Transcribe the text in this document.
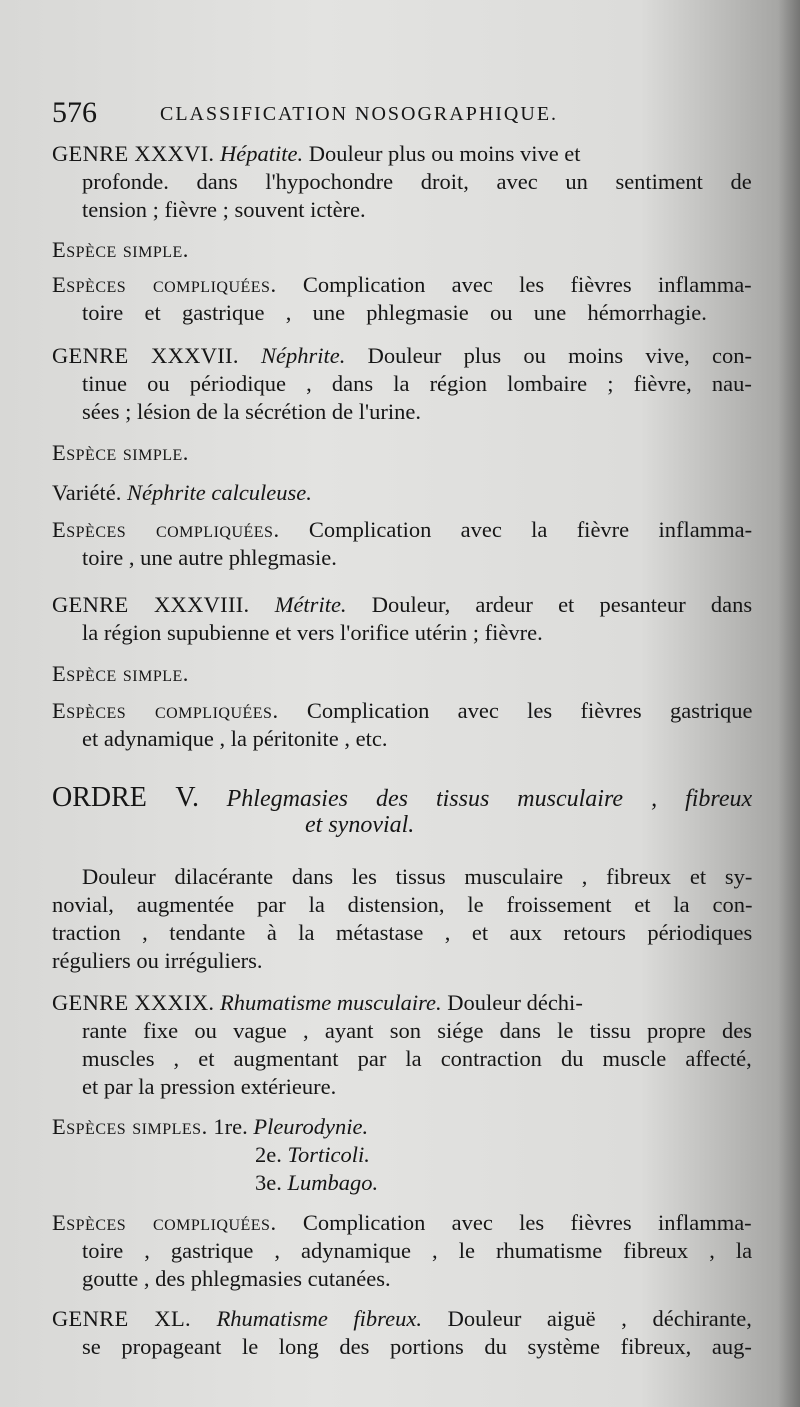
576	CLASSIFICATION NOSOGRAPHIQUE.
GENRE XXXVI. Hépatite. Douleur plus ou moins vive et
profonde. dans l'hypochondre droit, avec un sentiment de
tension ; fièvre ; souvent ictère.
Espèce simple.
Espèces compliquées. Complication avec les fièvres inflamma-
toire et gastrique , une phlegmasie ou une hémorrhagie.
GENRE XXXVII. Néphrite. Douleur plus ou moins vive, con-
tinue ou périodique , dans la région lombaire ; fièvre, nau-
sées ; lésion de la sécrétion de l'urine.
Espèce simple.
Variété. Néphrite calculeuse.
Espèces compliquées. Complication avec la fièvre inflamma-
toire , une autre phlegmasie.
GENRE XXXVIII. Métrite. Douleur, ardeur et pesanteur dans
la région supubienne et vers l'orifice utérin ; fièvre.
Espèce simple.
Espèces compliquées. Complication avec les fièvres gastrique
et adynamique , la péritonite , etc.
ORDRE V. Phlegmasies des tissus musculaire , fibreux
et synovial.
Douleur dilacérante dans les tissus musculaire , fibreux et sy-
novial, augmentée par la distension, le froissement et la con-
traction , tendante à la métastase , et aux retours périodiques
réguliers ou irréguliers.
GENRE XXXIX. Rhumatisme musculaire. Douleur déchi-
rante fixe ou vague , ayant son siége dans le tissu propre des
muscles , et augmentant par la contraction du muscle affecté,
et par la pression extérieure.
Espèces simples. 1re. Pleurodynie.
2e. Torticoli.
3e. Lumbago.
Espèces compliquées. Complication avec les fièvres inflamma-
toire , gastrique , adynamique , le rhumatisme fibreux , la
goutte , des phlegmasies cutanées.
GENRE XL. Rhumatisme fibreux. Douleur aiguë , déchirante,
se propageant le long des portions du système fibreux, aug-
